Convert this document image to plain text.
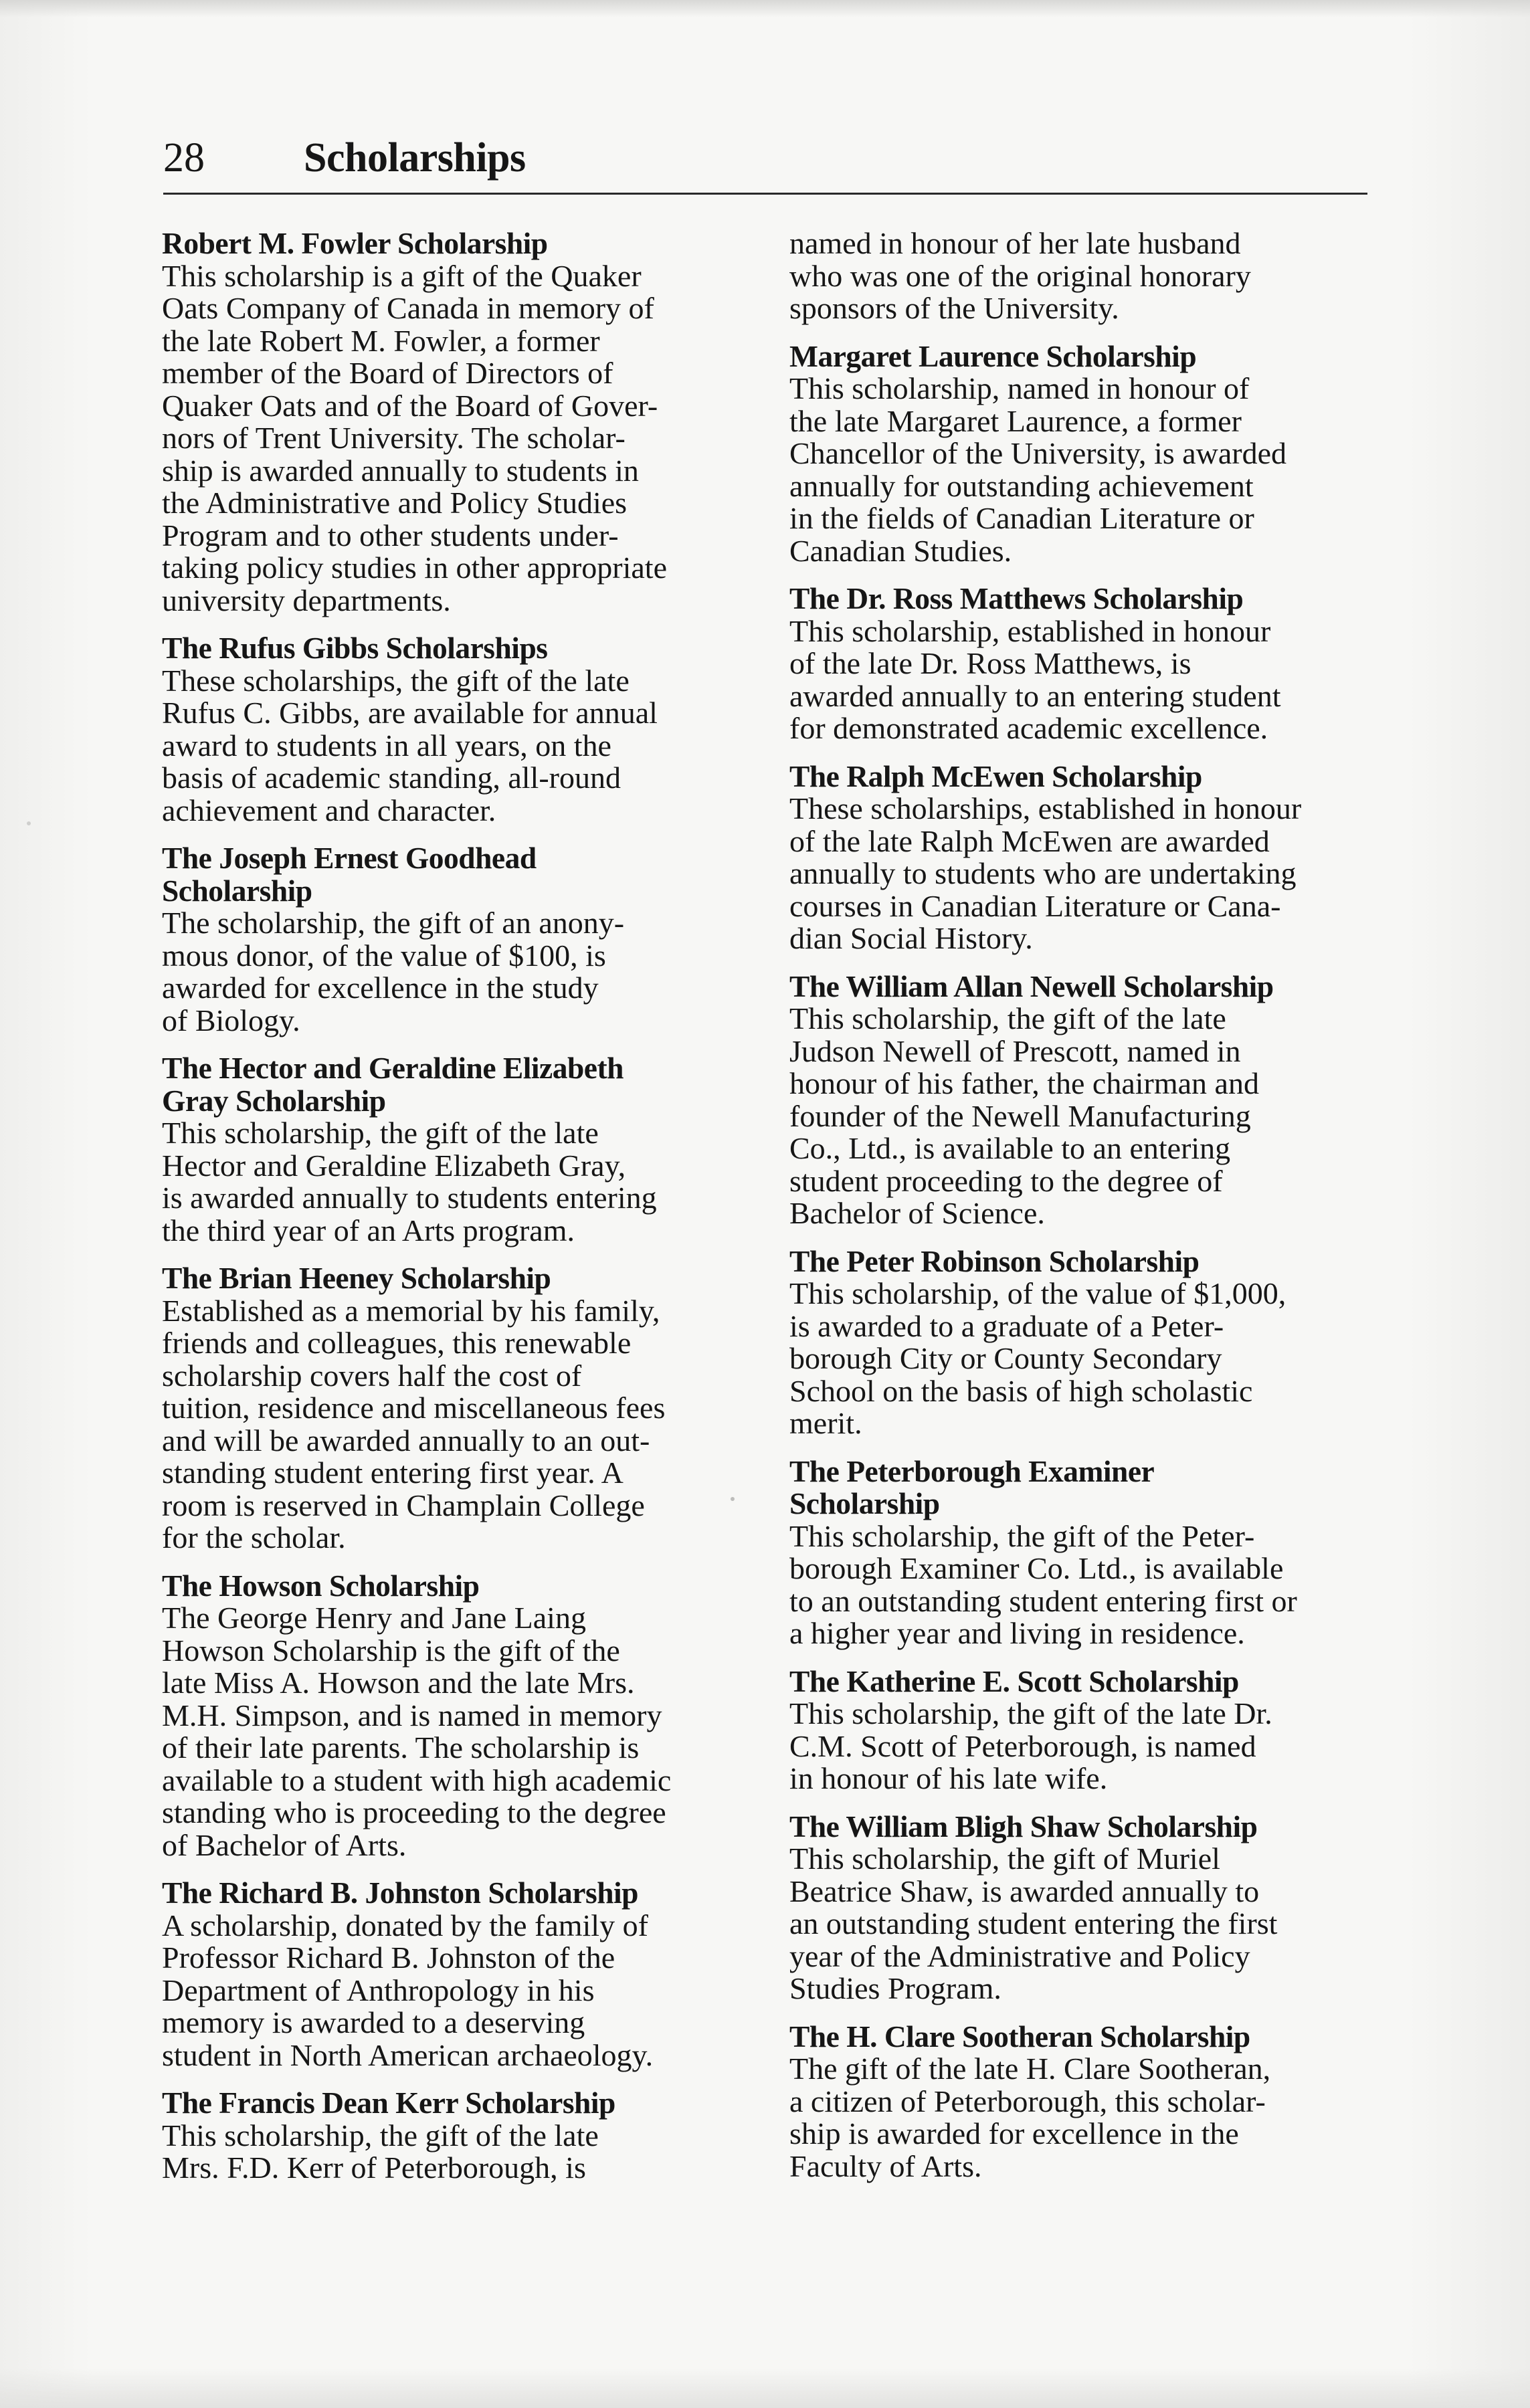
28 Scholarships
Robert M. Fowler Scholarship
This scholarship is a gift of the Quaker
Oats Company of Canada in memory of
the late Robert M. Fowler, a former
member of the Board of Directors of
Quaker Oats and of the Board of Gover-
nors of Trent University. The scholar-
ship is awarded annually to students in
the Administrative and Policy Studies
Program and to other students under-
taking policy studies in other appropriate
university departments.
The Rufus Gibbs Scholarships
These scholarships, the gift of the late
Rufus C. Gibbs, are available for annual
award to students in all years, on the
basis of academic standing, all-round
achievement and character.
The Joseph Ernest Goodhead
Scholarship
The scholarship, the gift of an anony-
mous donor, of the value of $100, is
awarded for excellence in the study
of Biology.
The Hector and Geraldine Elizabeth
Gray Scholarship
This scholarship, the gift of the late
Hector and Geraldine Elizabeth Gray,
is awarded annually to students entering
the third year of an Arts program.
The Brian Heeney Scholarship
Established as a memorial by his family,
friends and colleagues, this renewable
scholarship covers half the cost of
tuition, residence and miscellaneous fees
and will be awarded annually to an out-
standing student entering first year. A
room is reserved in Champlain College
for the scholar.
The Howson Scholarship
The George Henry and Jane Laing
Howson Scholarship is the gift of the
late Miss A. Howson and the late Mrs.
M.H. Simpson, and is named in memory
of their late parents. The scholarship is
available to a student with high academic
standing who is proceeding to the degree
of Bachelor of Arts.
The Richard B. Johnston Scholarship
A scholarship, donated by the family of
Professor Richard B. Johnston of the
Department of Anthropology in his
memory is awarded to a deserving
student in North American archaeology.
The Francis Dean Kerr Scholarship
This scholarship, the gift of the late
Mrs. F.D. Kerr of Peterborough, is
named in honour of her late husband
who was one of the original honorary
sponsors of the University.
Margaret Laurence Scholarship
This scholarship, named in honour of
the late Margaret Laurence, a former
Chancellor of the University, is awarded
annually for outstanding achievement
in the fields of Canadian Literature or
Canadian Studies.
The Dr. Ross Matthews Scholarship
This scholarship, established in honour
of the late Dr. Ross Matthews, is
awarded annually to an entering student
for demonstrated academic excellence.
The Ralph McEwen Scholarship
These scholarships, established in honour
of the late Ralph McEwen are awarded
annually to students who are undertaking
courses in Canadian Literature or Cana-
dian Social History.
The William Allan Newell Scholarship
This scholarship, the gift of the late
Judson Newell of Prescott, named in
honour of his father, the chairman and
founder of the Newell Manufacturing
Co., Ltd., is available to an entering
student proceeding to the degree of
Bachelor of Science.
The Peter Robinson Scholarship
This scholarship, of the value of $1,000,
is awarded to a graduate of a Peter-
borough City or County Secondary
School on the basis of high scholastic
merit.
The Peterborough Examiner
Scholarship
This scholarship, the gift of the Peter-
borough Examiner Co. Ltd., is available
to an outstanding student entering first or
a higher year and living in residence.
The Katherine E. Scott Scholarship
This scholarship, the gift of the late Dr.
C.M. Scott of Peterborough, is named
in honour of his late wife.
The William Bligh Shaw Scholarship
This scholarship, the gift of Muriel
Beatrice Shaw, is awarded annually to
an outstanding student entering the first
year of the Administrative and Policy
Studies Program.
The H. Clare Sootheran Scholarship
The gift of the late H. Clare Sootheran,
a citizen of Peterborough, this scholar-
ship is awarded for excellence in the
Faculty of Arts.
